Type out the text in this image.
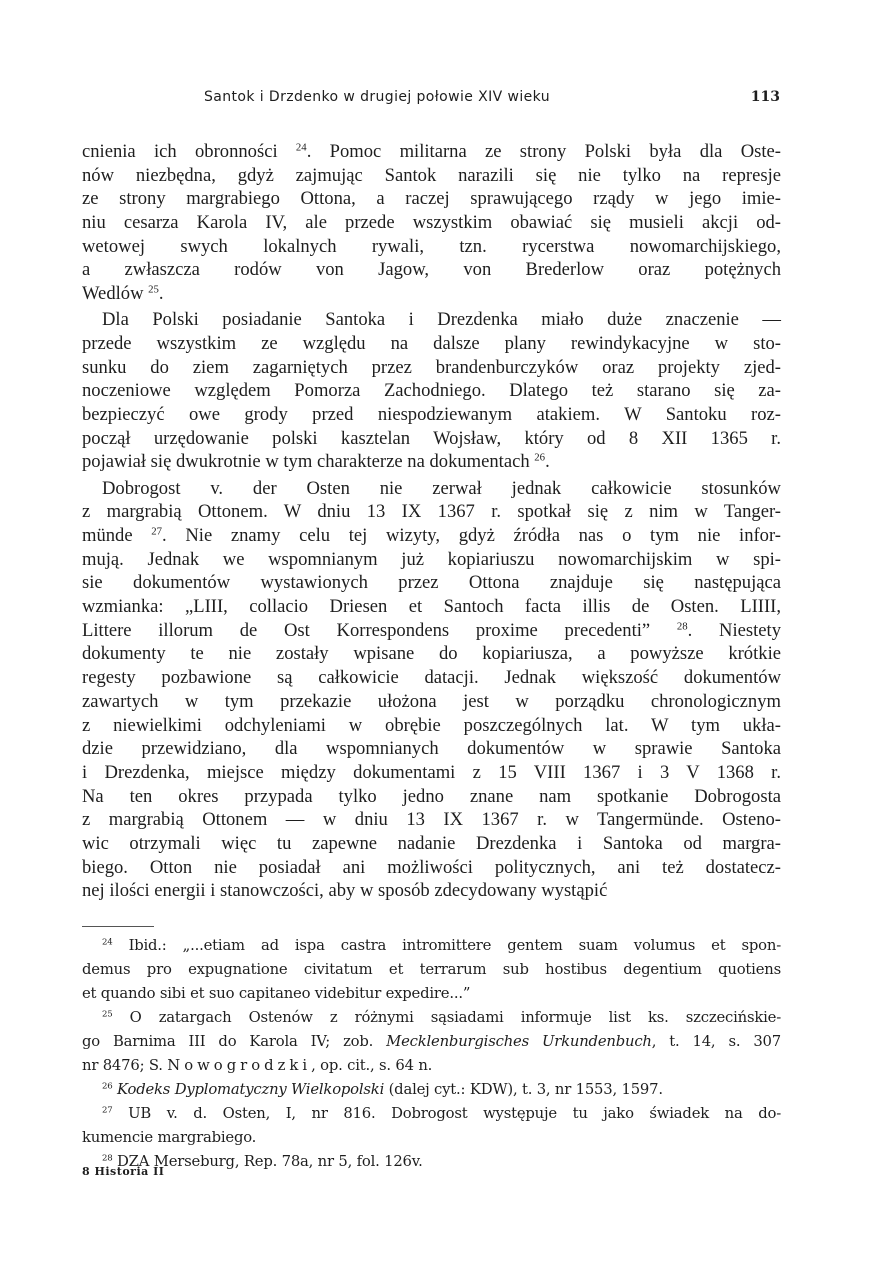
Santok i Drzdenko w drugiej połowie XIV wieku	113
cnienia ich obronności $^{24}$. Pomoc militarna ze strony Polski była dla Oste-
nów niezbędna, gdyż zajmując Santok narazili się nie tylko na represje
ze strony margrabiego Ottona, a raczej sprawującego rządy w jego imie-
niu cesarza Karola IV, ale przede wszystkim obawiać się musieli akcji od-
wetowej swych lokalnych rywali, tzn. rycerstwa nowomarchijskiego,
a zwłaszcza rodów von Jagow, von Brederlow oraz potężnych
Wedlów $^{25}$.
Dla Polski posiadanie Santoka i Drezdenka miało duże znaczenie —
przede wszystkim ze względu na dalsze plany rewindykacyjne w sto-
sunku do ziem zagarniętych przez brandenburczyków oraz projekty zjed-
noczeniowe względem Pomorza Zachodniego. Dlatego też starano się za-
bezpieczyć owe grody przed niespodziewanym atakiem. W Santoku roz-
począł urzędowanie polski kasztelan Wojsław, który od 8 XII 1365 r.
pojawiał się dwukrotnie w tym charakterze na dokumentach $^{26}$.
Dobrogost v. der Osten nie zerwał jednak całkowicie stosunków
z margrabią Ottonem. W dniu 13 IX 1367 r. spotkał się z nim w Tanger-
münde $^{27}$. Nie znamy celu tej wizyty, gdyż źródła nas o tym nie infor-
mują. Jednak we wspomnianym już kopiariuszu nowomarchijskim w spi-
sie dokumentów wystawionych przez Ottona znajduje się następująca
wzmianka: „LIII, collacio Driesen et Santoch facta illis de Osten. LIIII,
Littere illorum de Ost Korrespondens proxime precedenti” $^{28}$. Niestety
dokumenty te nie zostały wpisane do kopiariusza, a powyższe krótkie
regesty pozbawione są całkowicie datacji. Jednak większość dokumentów
zawartych w tym przekazie ułożona jest w porządku chronologicznym
z niewielkimi odchyleniami w obrębie poszczególnych lat. W tym ukła-
dzie przewidziano, dla wspomnianych dokumentów w sprawie Santoka
i Drezdenka, miejsce między dokumentami z 15 VIII 1367 i 3 V 1368 r.
Na ten okres przypada tylko jedno znane nam spotkanie Dobrogosta
z margrabią Ottonem — w dniu 13 IX 1367 r. w Tangermünde. Osteno-
wic otrzymali więc tu zapewne nadanie Drezdenka i Santoka od margra-
biego. Otton nie posiadał ani możliwości politycznych, ani też dostatecz-
nej ilości energii i stanowczości, aby w sposób zdecydowany wystąpić
$^{24}$ Ibid.: „...etiam ad ispa castra intromittere gentem suam volumus et spon-
demus pro expugnatione civitatum et terrarum sub hostibus degentium quotiens
et quando sibi et suo capitaneo videbitur expedire...”
$^{25}$ O zatargach Ostenów z różnymi sąsiadami informuje list ks. szczecińskie-
go Barnima III do Karola IV; zob. Mecklenburgisches Urkundenbuch, t. 14, s. 307
nr 8476; S. Nowogrodzki, op. cit., s. 64 n.
$^{26}$ Kodeks Dyplomatyczny Wielkopolski (dalej cyt.: KDW), t. 3, nr 1553, 1597.
$^{27}$ UB v. d. Osten, I, nr 816. Dobrogost występuje tu jako świadek na do-
kumencie margrabiego.
$^{28}$ DZA Merseburg, Rep. 78a, nr 5, fol. 126v.
8 Historia II
